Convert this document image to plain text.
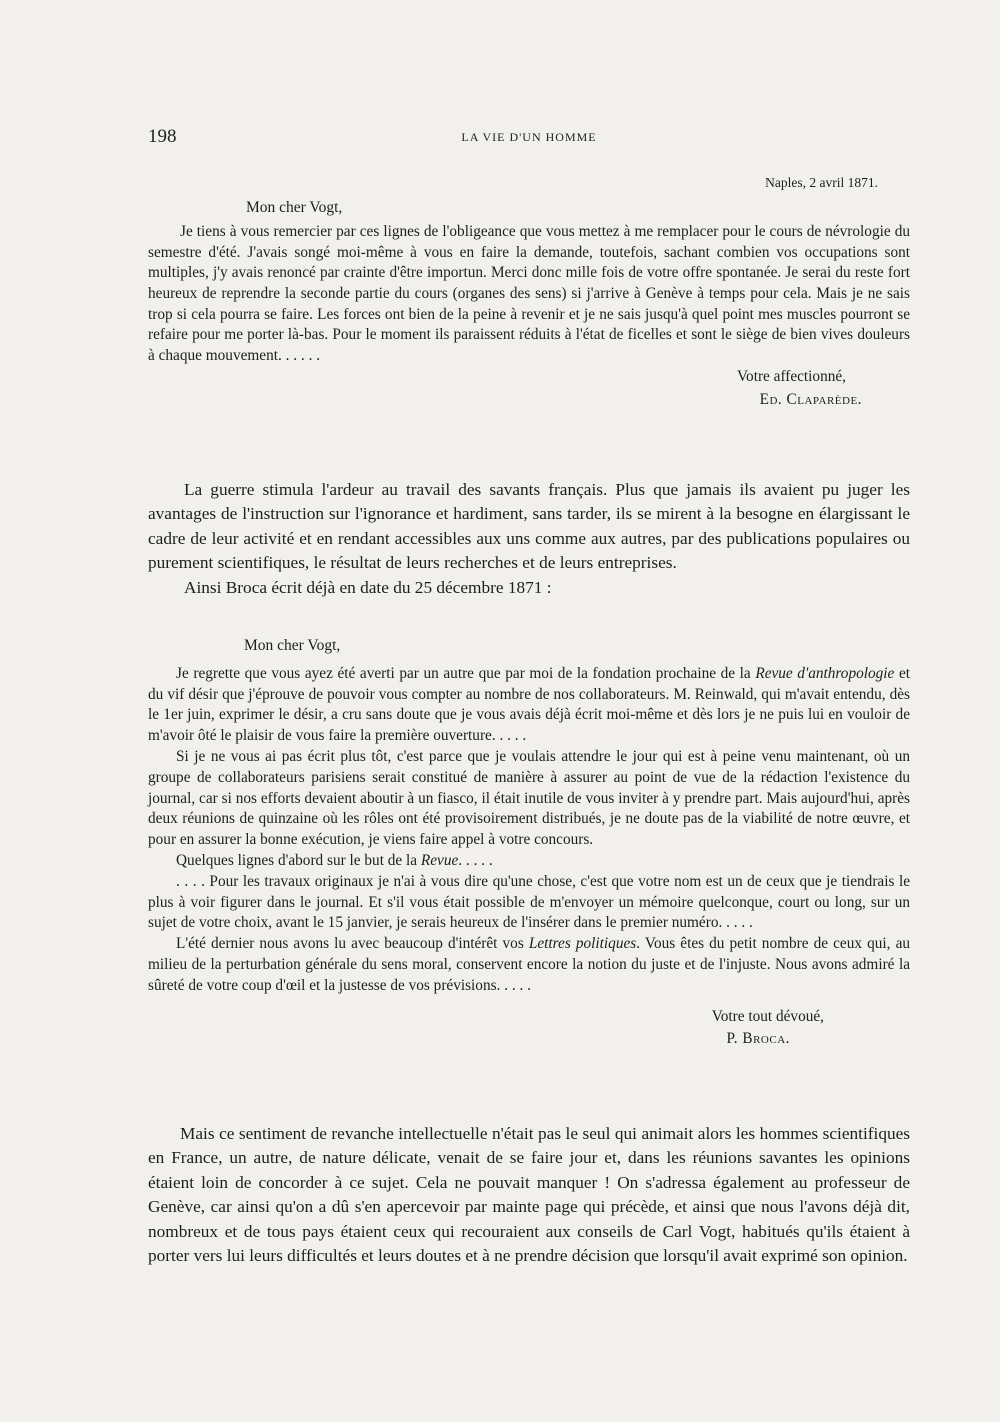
198	LA VIE D'UN HOMME
Naples, 2 avril 1871.
Mon cher Vogt,

Je tiens à vous remercier par ces lignes de l'obligeance que vous mettez à me remplacer pour le cours de névrologie du semestre d'été. J'avais songé moi-même à vous en faire la demande, toutefois, sachant combien vos occupations sont multiples, j'y avais renoncé par crainte d'être importun. Merci donc mille fois de votre offre spontanée. Je serai du reste fort heureux de reprendre la seconde partie du cours (organes des sens) si j'arrive à Genève à temps pour cela. Mais je ne sais trop si cela pourra se faire. Les forces ont bien de la peine à revenir et je ne sais jusqu'à quel point mes muscles pourront se refaire pour me porter là-bas. Pour le moment ils paraissent réduits à l'état de ficelles et sont le siège de bien vives douleurs à chaque mouvement. . . . . .

Votre affectionné,
Ed. Claparède.

La guerre stimula l'ardeur au travail des savants français. Plus que jamais ils avaient pu juger les avantages de l'instruction sur l'ignorance et hardiment, sans tarder, ils se mirent à la besogne en élargissant le cadre de leur activité et en rendant accessibles aux uns comme aux autres, par des publications populaires ou purement scientifiques, le résultat de leurs recherches et de leurs entreprises.

Ainsi Broca écrit déjà en date du 25 décembre 1871 :

Mon cher Vogt,

Je regrette que vous ayez été averti par un autre que par moi de la fondation prochaine de la Revue d'anthropologie et du vif désir que j'éprouve de pouvoir vous compter au nombre de nos collaborateurs. M. Reinwald, qui m'avait entendu, dès le 1er juin, exprimer le désir, a cru sans doute que je vous avais déjà écrit moi-même et dès lors je ne puis lui en vouloir de m'avoir ôté le plaisir de vous faire la première ouverture. . . . .

Si je ne vous ai pas écrit plus tôt, c'est parce que je voulais attendre le jour qui est à peine venu maintenant, où un groupe de collaborateurs parisiens serait constitué de manière à assurer au point de vue de la rédaction l'existence du journal, car si nos efforts devaient aboutir à un fiasco, il était inutile de vous inviter à y prendre part. Mais aujourd'hui, après deux réunions de quinzaine où les rôles ont été provisoirement distribués, je ne doute pas de la viabilité de notre œuvre, et pour en assurer la bonne exécution, je viens faire appel à votre concours.

Quelques lignes d'abord sur le but de la Revue. . . . .

. . . . Pour les travaux originaux je n'ai à vous dire qu'une chose, c'est que votre nom est un de ceux que je tiendrais le plus à voir figurer dans le journal. Et s'il vous était possible de m'envoyer un mémoire quelconque, court ou long, sur un sujet de votre choix, avant le 15 janvier, je serais heureux de l'insérer dans le premier numéro. . . . .

L'été dernier nous avons lu avec beaucoup d'intérêt vos Lettres politiques. Vous êtes du petit nombre de ceux qui, au milieu de la perturbation générale du sens moral, conservent encore la notion du juste et de l'injuste. Nous avons admiré la sûreté de votre coup d'œil et la justesse de vos prévisions. . . . .

Votre tout dévoué,
P. Broca.

Mais ce sentiment de revanche intellectuelle n'était pas le seul qui animait alors les hommes scientifiques en France, un autre, de nature délicate, venait de se faire jour et, dans les réunions savantes les opinions étaient loin de concorder à ce sujet. Cela ne pouvait manquer ! On s'adressa également au professeur de Genève, car ainsi qu'on a dû s'en apercevoir par mainte page qui précède, et ainsi que nous l'avons déjà dit, nombreux et de tous pays étaient ceux qui recouraient aux conseils de Carl Vogt, habitués qu'ils étaient à porter vers lui leurs difficultés et leurs doutes et à ne prendre décision que lorsqu'il avait exprimé son opinion.
